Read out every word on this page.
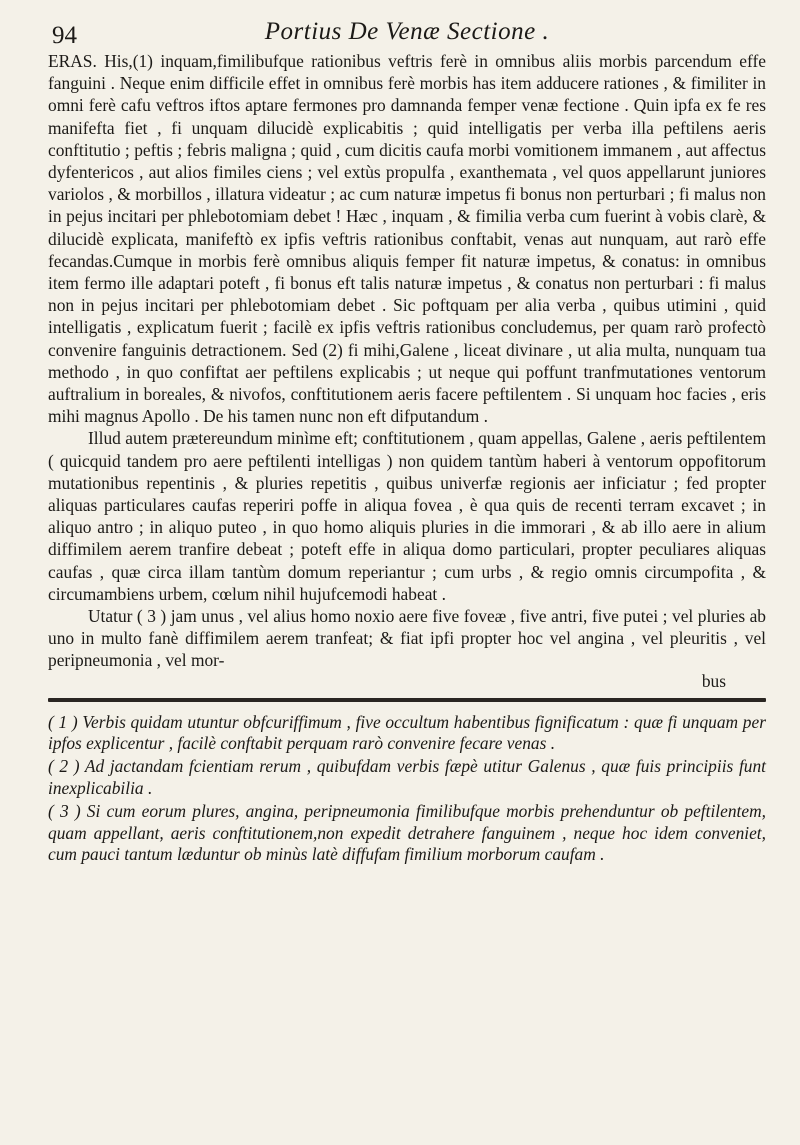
94	Portius De Venæ Sectione .

ERAS. His,(1) inquam,fimilibufque rationibus veftris ferè in omnibus aliis morbis parcendum effe fanguini . Neque enim difficile effet in omnibus ferè morbis has item adducere rationes , & fimiliter in omni ferè cafu veftros iftos aptare fermones pro damnanda femper venæ fectione . Quin ipfa ex fe res manifefta fiet , fi unquam dilucidè explicabitis ; quid intelligatis per verba illa peftilens aeris conftitutio ; peftis ; febris maligna ; quid , cum dicitis caufa morbi vomitionem immanem , aut affectus dyfentericos , aut alios fimiles ciens ; vel extùs propulfa , exanthemata , vel quos appellarunt juniores variolos , & morbillos , illatura videatur ; ac cum naturæ impetus fi bonus non perturbari ; fi malus non in pejus incitari per phlebotomiam debet ! Hæc , inquam , & fimilia verba cum fuerint à vobis clarè, & dilucidè explicata, manifeftò ex ipfis veftris rationibus conftabit, venas aut nunquam, aut rarò effe fecandas.Cumque in morbis ferè omnibus aliquis femper fit naturæ impetus, & conatus: in omnibus item fermo ille adaptari poteft , fi bonus eft talis naturæ impetus , & conatus non perturbari : fi malus non in pejus incitari per phlebotomiam debet . Sic poftquam per alia verba , quibus utimini , quid intelligatis , explicatum fuerit ; facilè ex ipfis veftris rationibus concludemus, per quam rarò profectò convenire fanguinis detractionem. Sed (2) fi mihi,Galene , liceat divinare , ut alia multa, nunquam tua methodo , in quo confiftat aer peftilens explicabis ; ut neque qui poffunt tranfmutationes ventorum auftralium in boreales, & nivofos, conftitutionem aeris facere peftilentem . Si unquam hoc facies , eris mihi magnus Apollo . De his tamen nunc non eft difputandum .

Illud autem prætereundum minìme eft; conftitutionem , quam appellas, Galene , aeris peftilentem ( quicquid tandem pro aere peftilenti intelligas ) non quidem tantùm haberi à ventorum oppofitorum mutationibus repentinis , & pluries repetitis , quibus univerfæ regionis aer inficiatur ; fed propter aliquas particulares caufas reperiri poffe in aliqua fovea , è qua quis de recenti terram excavet ; in aliquo antro ; in aliquo puteo , in quo homo aliquis pluries in die immorari , & ab illo aere in alium diffimilem aerem tranfire debeat ; poteft effe in aliqua domo particulari, propter peculiares aliquas caufas , quæ circa illam tantùm domum reperiantur ; cum urbs , & regio omnis circumpofita , & circumambiens urbem, cœlum nihil hujufcemodi habeat .

Utatur ( 3 ) jam unus , vel alius homo noxio aere five foveæ , five antri, five putei ; vel pluries ab uno in multo fanè diffimilem aerem tranfeat; & fiat ipfi propter hoc vel angina , vel pleuritis , vel peripneumonia , vel mor-

bus

( 1 ) Verbis quidam utuntur obfcuriffimum , five occultum habentibus fignificatum : quæ fi unquam per ipfos explicentur , facilè conftabit perquam rarò convenire fecare venas .

( 2 ) Ad jactandam fcientiam rerum , quibufdam verbis fæpè utitur Galenus , quæ fuis principiis funt inexplicabilia .

( 3 ) Si cum eorum plures, angina, peripneumonia fimilibufque morbis prehenduntur ob peftilentem, quam appellant, aeris conftitutionem,non expedit detrahere fanguinem , neque hoc idem conveniet, cum pauci tantum læduntur ob minùs latè diffufam fimilium morborum caufam .
